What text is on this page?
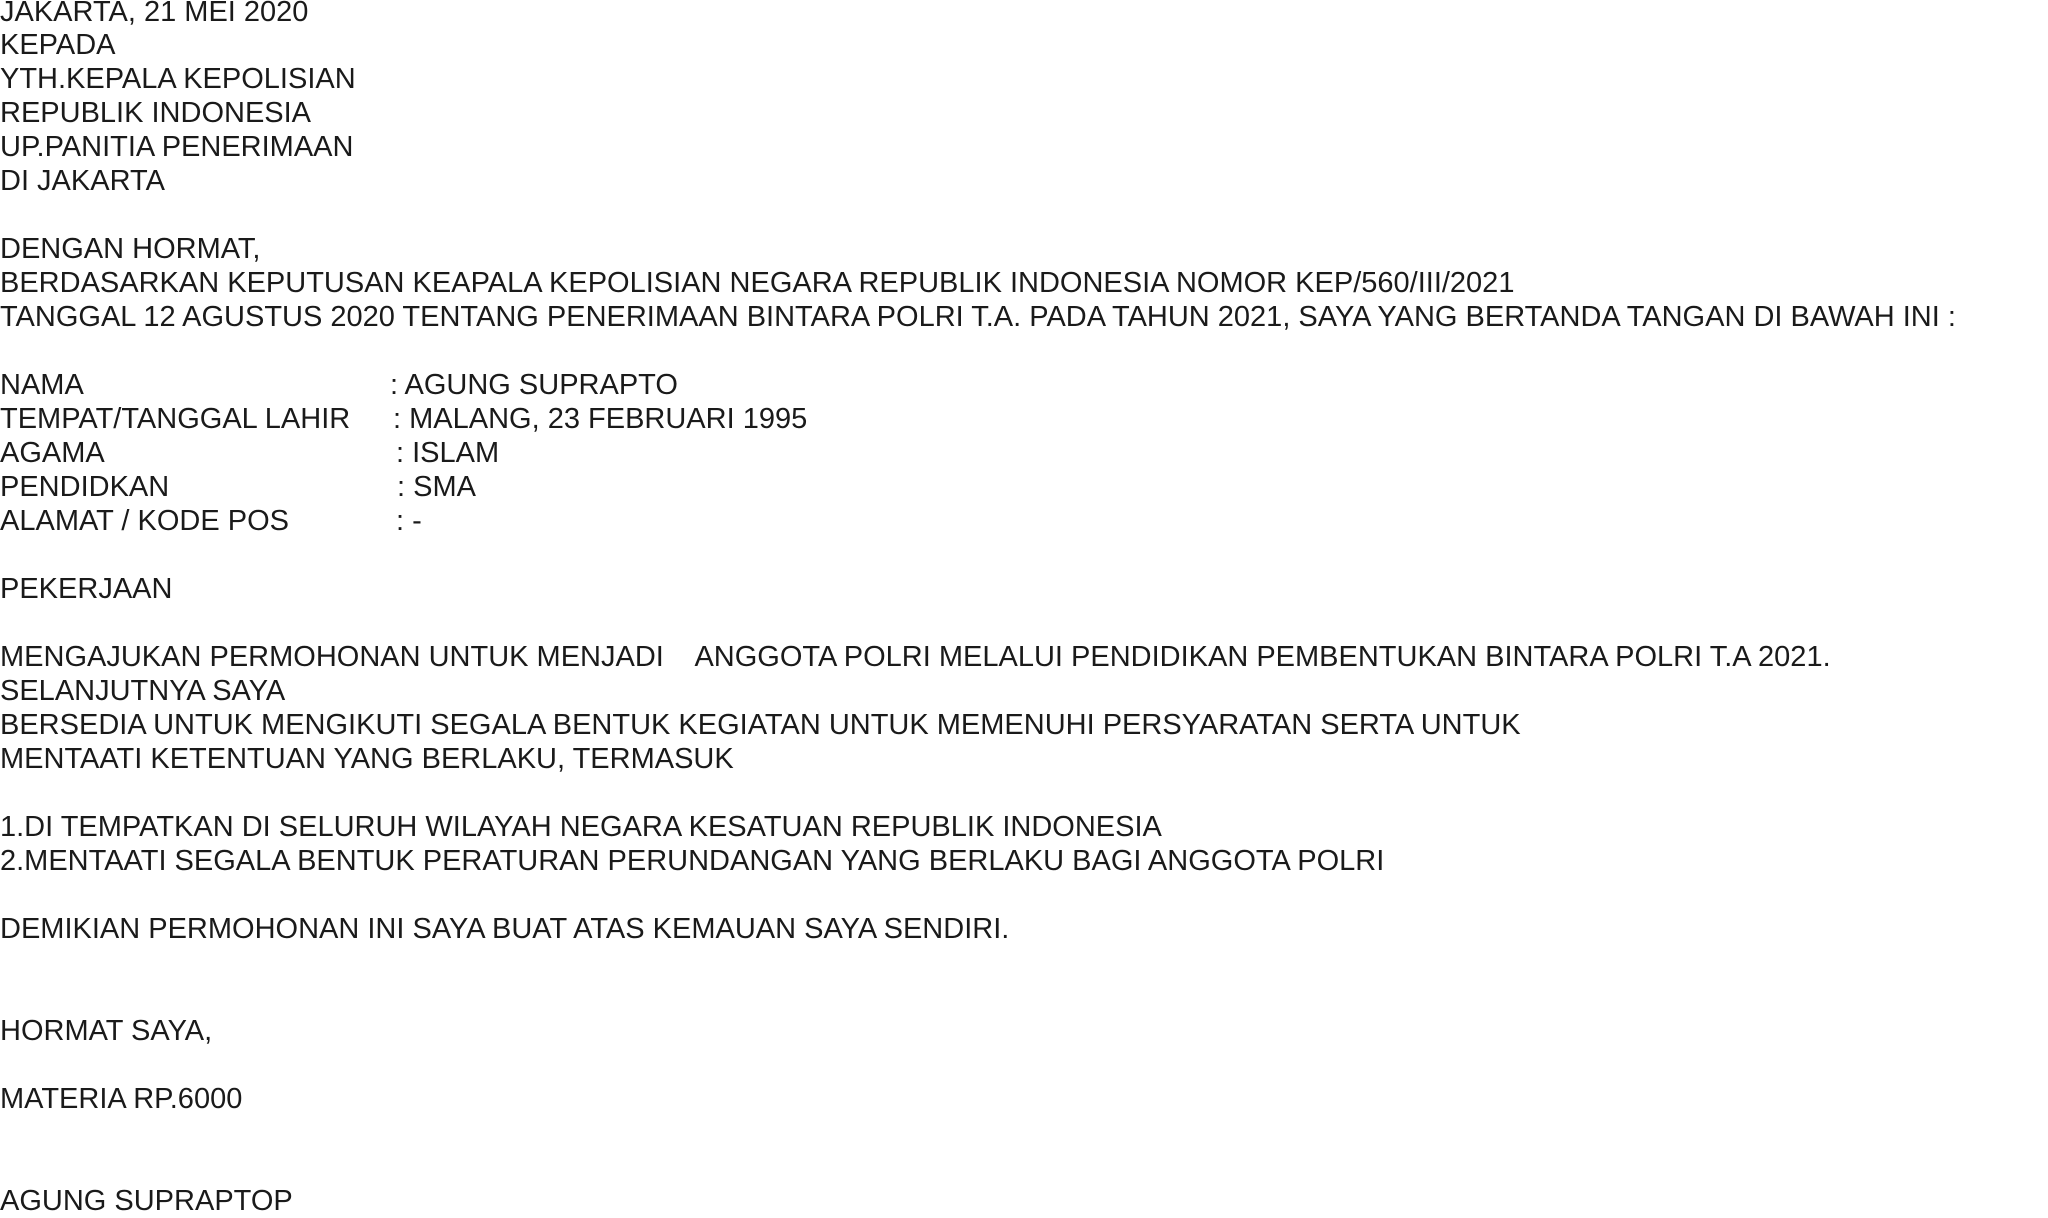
JAKARTA, 21 MEI 2020
KEPADA
YTH.KEPALA KEPOLISIAN
REPUBLIK INDONESIA
UP.PANITIA PENERIMAAN
DI JAKARTA
DENGAN HORMAT,
BERDASARKAN KEPUTUSAN KEAPALA KEPOLISIAN NEGARA REPUBLIK INDONESIA NOMOR KEP/560/III/2021
TANGGAL 12 AGUSTUS 2020 TENTANG PENERIMAAN BINTARA POLRI T.A. PADA TAHUN 2021, SAYA YANG BERTANDA TANGAN DI BAWAH INI :
NAMA	: AGUNG SUPRAPTO
TEMPAT/TANGGAL LAHIR : MALANG, 23 FEBRUARI 1995
AGAMA	: ISLAM
PENDIDKAN	: SMA
ALAMAT / KODE POS	: -
PEKERJAAN
MENGAJUKAN PERMOHONAN UNTUK MENJADI    ANGGOTA POLRI MELALUI PENDIDIKAN PEMBENTUKAN BINTARA POLRI T.A 2021.
SELANJUTNYA SAYA
BERSEDIA UNTUK MENGIKUTI SEGALA BENTUK KEGIATAN UNTUK MEMENUHI PERSYARATAN SERTA UNTUK
MENTAATI KETENTUAN YANG BERLAKU, TERMASUK
1.DI TEMPATKAN DI SELURUH WILAYAH NEGARA KESATUAN REPUBLIK INDONESIA
2.MENTAATI SEGALA BENTUK PERATURAN PERUNDANGAN YANG BERLAKU BAGI ANGGOTA POLRI
DEMIKIAN PERMOHONAN INI SAYA BUAT ATAS KEMAUAN SAYA SENDIRI.
HORMAT SAYA,
MATERIA RP.6000
AGUNG SUPRAPTOP
